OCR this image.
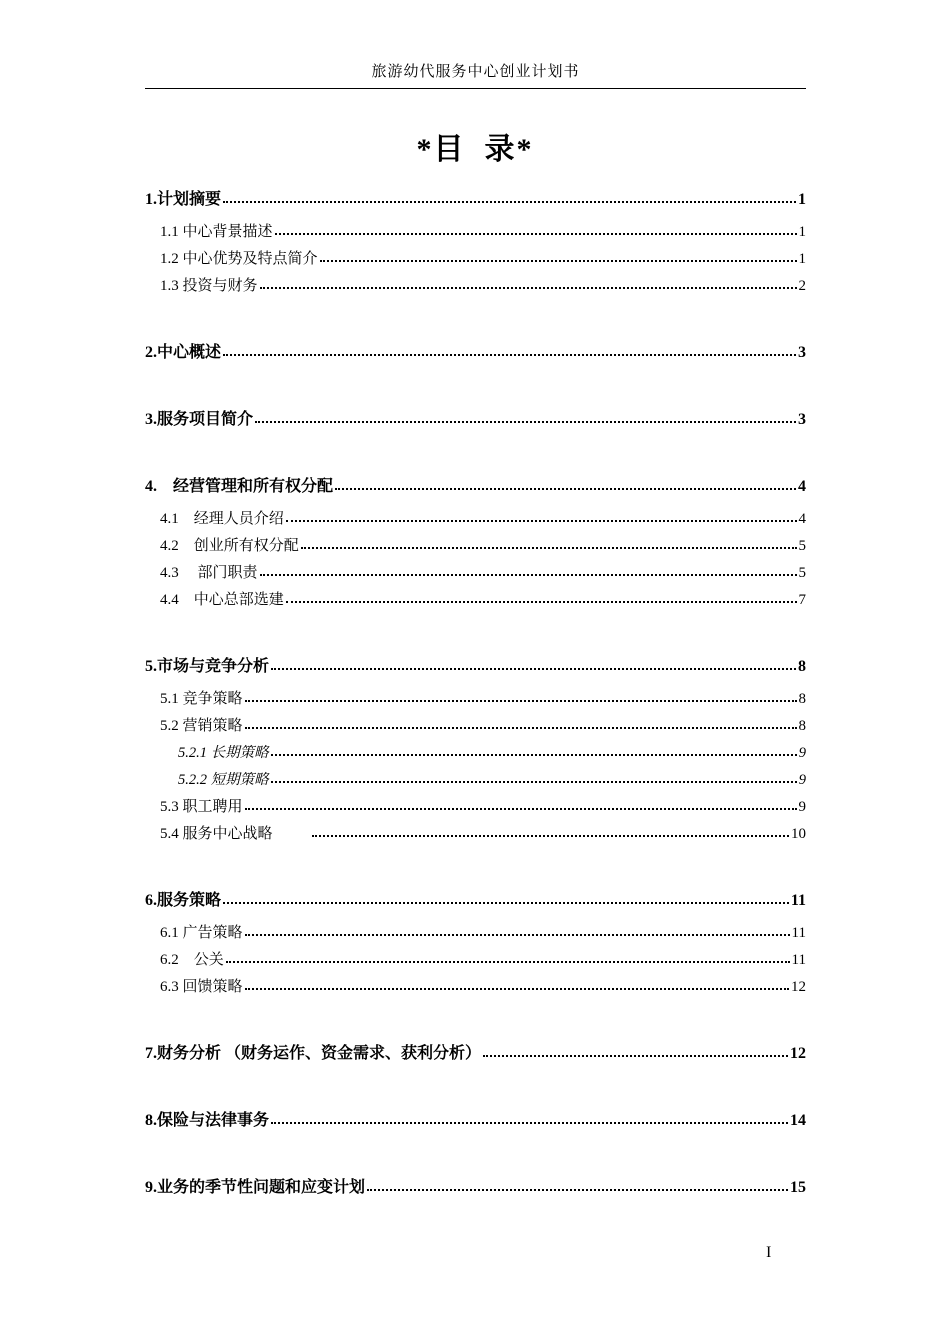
旅游幼代服务中心创业计划书
*目  录*
1.计划摘要	1
1.1 中心背景描述	1
1.2 中心优势及特点简介	1
1.3 投资与财务	2
2.中心概述	3
3.服务项目简介	3
4.　经营管理和所有权分配	4
4.1　经理人员介绍	4
4.2　创业所有权分配	5
4.3　 部门职责	5
4.4　中心总部选建	7
5.市场与竞争分析	8
5.1 竞争策略	8
5.2 营销策略	8
5.2.1 长期策略	9
5.2.2 短期策略	9
5.3 职工聘用	9
5.4 服务中心战略	10
6.服务策略	11
6.1 广告策略	11
6.2　公关	11
6.3 回馈策略	12
7.财务分析 （财务运作、资金需求、获利分析）	12
8.保险与法律事务	14
9.业务的季节性问题和应变计划	15
I
